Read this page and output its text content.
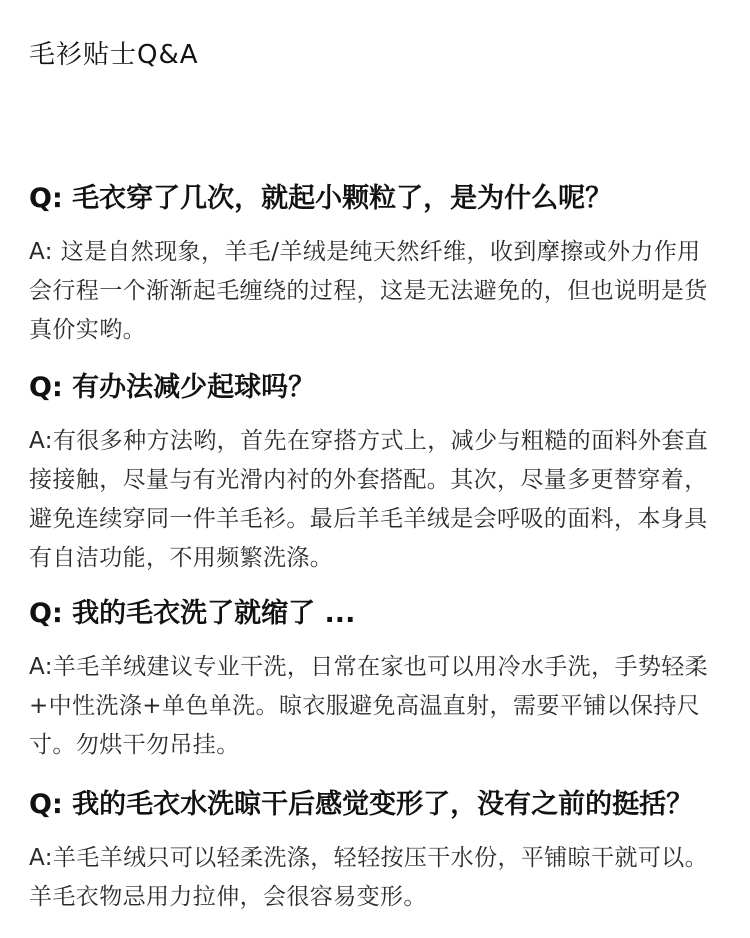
毛衫贴士Q&A
Q: 毛衣穿了几次，就起小颗粒了，是为什么呢？
A: 这是自然现象，羊毛/羊绒是纯天然纤维，收到摩擦或外力作用会行程一个渐渐起毛缠绕的过程，这是无法避免的，但也说明是货真价实哟。
Q: 有办法减少起球吗？
A:有很多种方法哟，首先在穿搭方式上，减少与粗糙的面料外套直接接触，尽量与有光滑内衬的外套搭配。其次，尽量多更替穿着，避免连续穿同一件羊毛衫。最后羊毛羊绒是会呼吸的面料，本身具有自洁功能，不用频繁洗涤。
Q: 我的毛衣洗了就缩了 ...
A:羊毛羊绒建议专业干洗，日常在家也可以用冷水手洗，手势轻柔+中性洗涤+单色单洗。晾衣服避免高温直射，需要平铺以保持尺寸。勿烘干勿吊挂。
Q: 我的毛衣水洗晾干后感觉变形了，没有之前的挺括？
A:羊毛羊绒只可以轻柔洗涤，轻轻按压干水份，平铺晾干就可以。羊毛衣物忌用力拉伸，会很容易变形。
